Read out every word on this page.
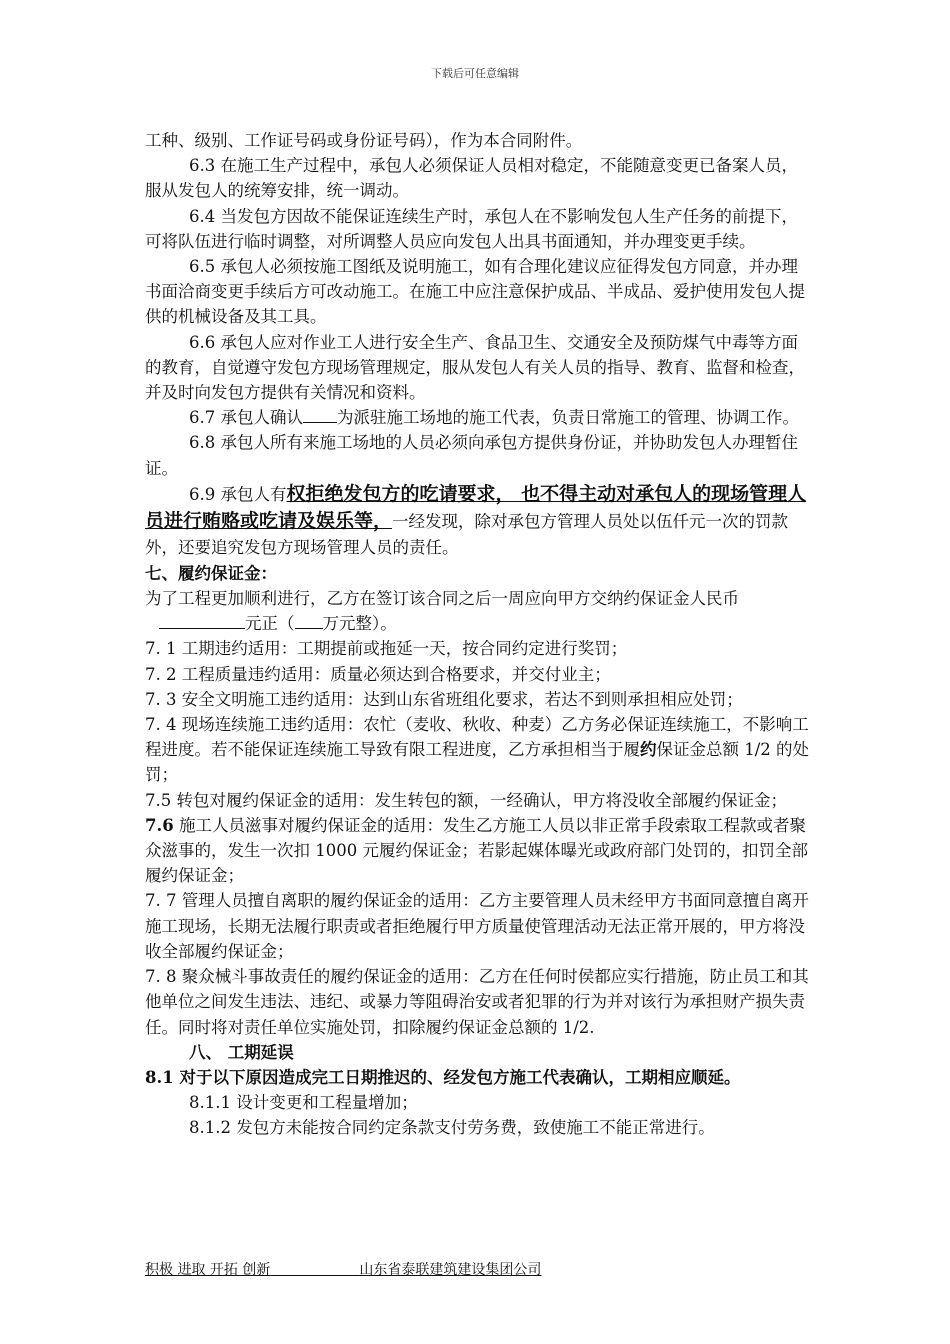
下载后可任意编辑

工种、级别、工作证号码或身份证号码），作为本合同附件。

6.3 在施工生产过程中，承包人必须保证人员相对稳定，不能随意变更已备案人员，服从发包人的统筹安排，统一调动。

6.4 当发包方因故不能保证连续生产时，承包人在不影响发包人生产任务的前提下，可将队伍进行临时调整，对所调整人员应向发包人出具书面通知，并办理变更手续。

6.5 承包人必须按施工图纸及说明施工，如有合理化建议应征得发包方同意，并办理书面洽商变更手续后方可改动施工。在施工中应注意保护成品、半成品、爱护使用发包人提供的机械设备及其工具。

6.6 承包人应对作业工人进行安全生产、食品卫生、交通安全及预防煤气中毒等方面的教育，自觉遵守发包方现场管理规定，服从发包人有关人员的指导、教育、监督和检查，并及时向发包方提供有关情况和资料。

6.7 承包人确认 为派驻施工场地的施工代表，负责日常施工的管理、协调工作。

6.8 承包人所有来施工场地的人员必须向承包方提供身份证，并协助发包人办理暂住证。

6.9 承包人有权拒绝发包方的吃请要求， 也不得主动对承包人的现场管理人员进行贿赂或吃请及娱乐等，一经发现，除对承包方管理人员处以伍仟元一次的罚款外，还要追究发包方现场管理人员的责任。

七、履约保证金：

为了工程更加顺利进行，乙方在签订该合同之后一周应向甲方交纳约保证金人民币元正（ 万元整）。

7. 1 工期违约适用：工期提前或拖延一天，按合同约定进行奖罚；

7. 2 工程质量违约适用：质量必须达到合格要求，并交付业主；

7. 3 安全文明施工违约适用：达到山东省班组化要求，若达不到则承担相应处罚；

7. 4 现场连续施工违约适用：农忙（麦收、秋收、种麦）乙方务必保证连续施工，不影响工程进度。若不能保证连续施工导致有限工程进度，乙方承担相当于履约保证金总额 1/2 的处罚；

7.5 转包对履约保证金的适用：发生转包的额，一经确认，甲方将没收全部履约保证金；

7.6 施工人员滋事对履约保证金的适用：发生乙方施工人员以非正常手段索取工程款或者聚众滋事的，发生一次扣 1000 元履约保证金；若影起媒体曝光或政府部门处罚的，扣罚全部履约保证金；

7. 7 管理人员擅自离职的履约保证金的适用：乙方主要管理人员未经甲方书面同意擅自离开施工现场，长期无法履行职责或者拒绝履行甲方质量使管理活动无法正常开展的，甲方将没收全部履约保证金；

7. 8 聚众械斗事故责任的履约保证金的适用：乙方在任何时侯都应实行措施，防止员工和其他单位之间发生违法、违纪、或暴力等阻碍治安或者犯罪的行为并对该行为承担财产损失责任。同时将对责任单位实施处罚，扣除履约保证金总额的 1/2.

八、 工期延误

8.1 对于以下原因造成完工日期推迟的、经发包方施工代表确认，工期相应顺延。

8.1.1 设计变更和工程量增加；

8.1.2 发包方未能按合同约定条款支付劳务费，致使施工不能正常进行。

积极 进取 开拓 创新	山东省泰联建筑建设集团公司
